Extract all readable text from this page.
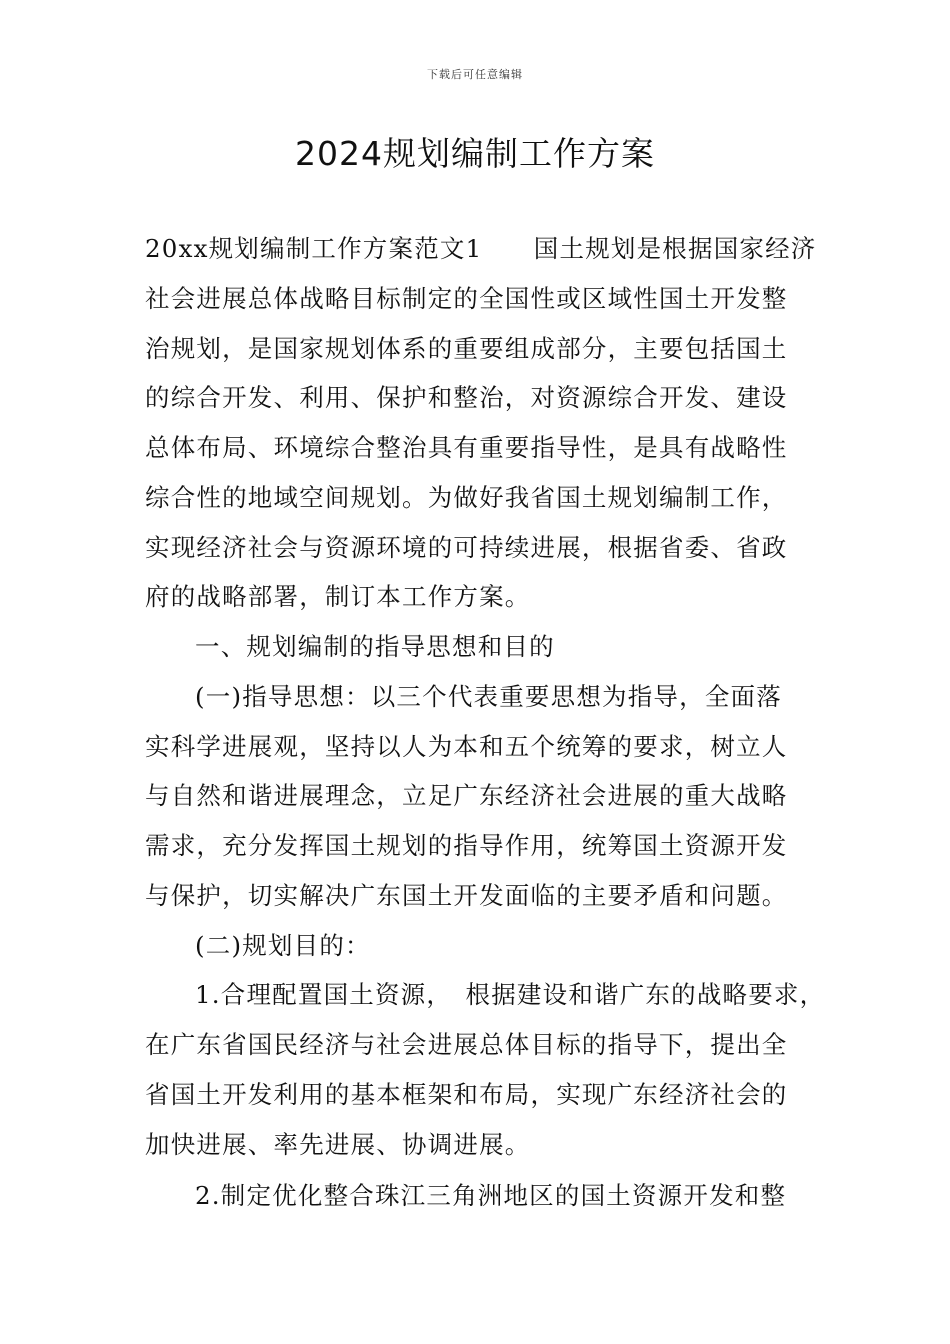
下载后可任意编辑
2024规划编制工作方案
20xx规划编制工作方案范文1　　国土规划是根据国家经济
社会进展总体战略目标制定的全国性或区域性国土开发整
治规划，是国家规划体系的重要组成部分，主要包括国土
的综合开发、利用、保护和整治，对资源综合开发、建设
总体布局、环境综合整治具有重要指导性，是具有战略性
综合性的地域空间规划。为做好我省国土规划编制工作，
实现经济社会与资源环境的可持续进展，根据省委、省政
府的战略部署，制订本工作方案。
一、规划编制的指导思想和目的
(一)指导思想：以三个代表重要思想为指导，全面落
实科学进展观，坚持以人为本和五个统筹的要求，树立人
与自然和谐进展理念，立足广东经济社会进展的重大战略
需求，充分发挥国土规划的指导作用，统筹国土资源开发
与保护，切实解决广东国土开发面临的主要矛盾和问题。
(二)规划目的：
1.合理配置国土资源，　根据建设和谐广东的战略要求，
在广东省国民经济与社会进展总体目标的指导下，提出全
省国土开发利用的基本框架和布局，实现广东经济社会的
加快进展、率先进展、协调进展。
2.制定优化整合珠江三角洲地区的国土资源开发和整
